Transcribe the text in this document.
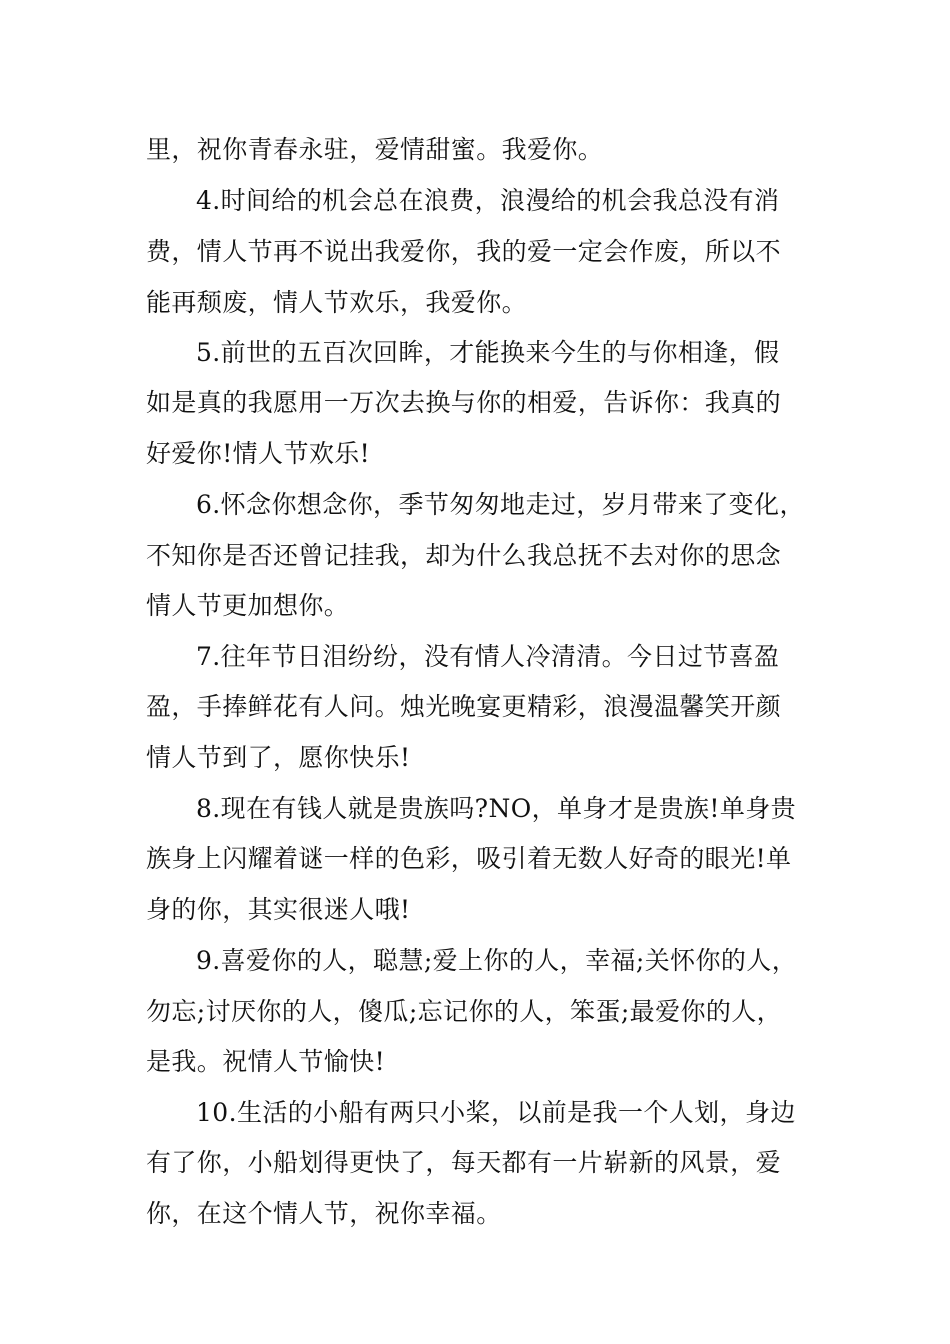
里，祝你青春永驻，爱情甜蜜。我爱你。
4.时间给的机会总在浪费，浪漫给的机会我总没有消
费，情人节再不说出我爱你，我的爱一定会作废，所以不
能再颓废，情人节欢乐，我爱你。
5.前世的五百次回眸，才能换来今生的与你相逢，假
如是真的我愿用一万次去换与你的相爱，告诉你：我真的
好爱你!情人节欢乐!
6.怀念你想念你，季节匆匆地走过，岁月带来了变化，
不知你是否还曾记挂我，却为什么我总抚不去对你的思念
情人节更加想你。
7.往年节日泪纷纷，没有情人冷清清。今日过节喜盈
盈，手捧鲜花有人问。烛光晚宴更精彩，浪漫温馨笑开颜
情人节到了，愿你快乐!
8.现在有钱人就是贵族吗?NO，单身才是贵族!单身贵
族身上闪耀着谜一样的色彩，吸引着无数人好奇的眼光!单
身的你，其实很迷人哦!
9.喜爱你的人，聪慧;爱上你的人，幸福;关怀你的人，
勿忘;讨厌你的人，傻瓜;忘记你的人，笨蛋;最爱你的人，
是我。祝情人节愉快!
10.生活的小船有两只小桨，以前是我一个人划，身边
有了你，小船划得更快了，每天都有一片崭新的风景，爱
你，在这个情人节，祝你幸福。
